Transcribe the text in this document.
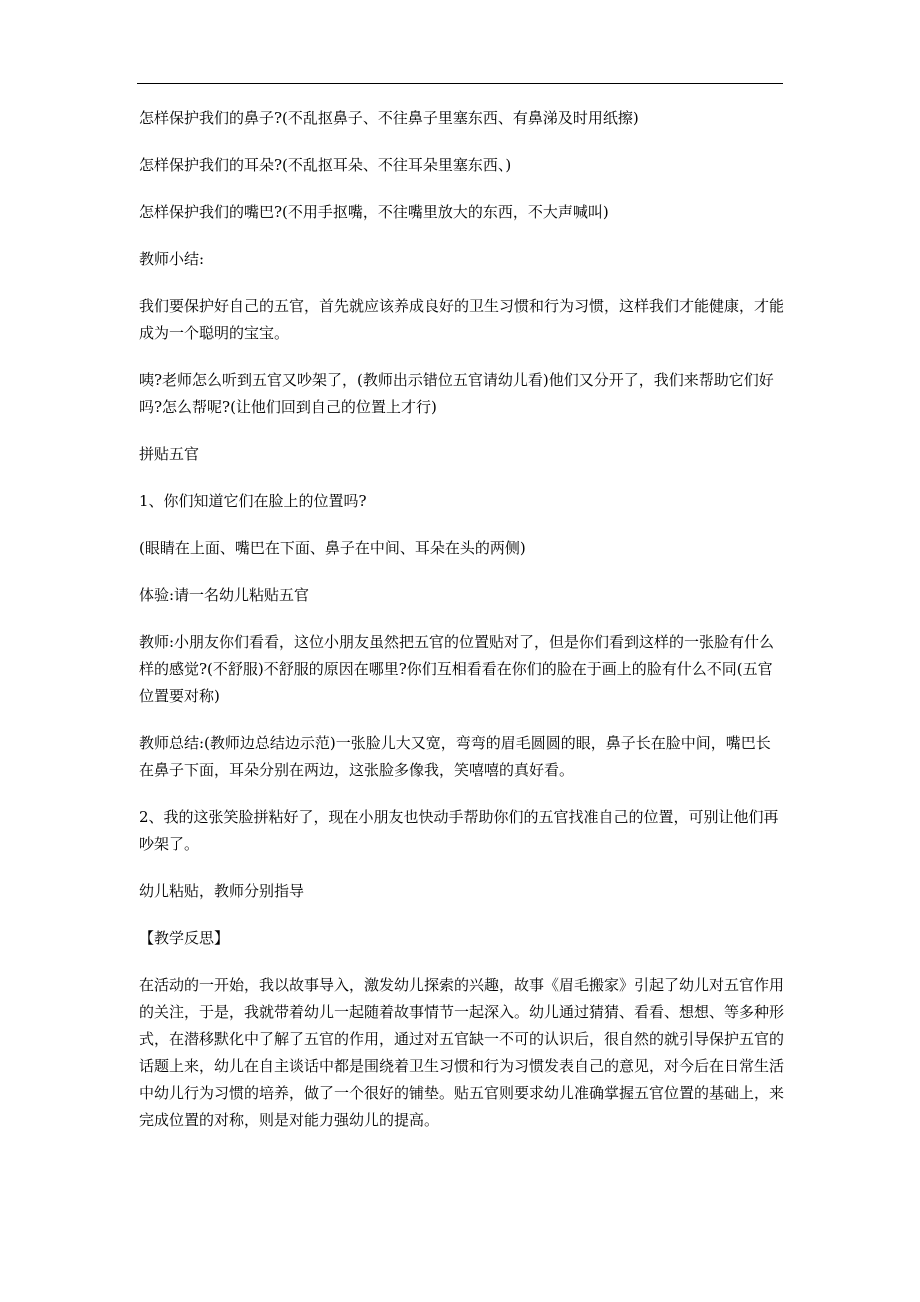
怎样保护我们的鼻子?(不乱抠鼻子、不往鼻子里塞东西、有鼻涕及时用纸擦)

怎样保护我们的耳朵?(不乱抠耳朵、不往耳朵里塞东西、)

怎样保护我们的嘴巴?(不用手抠嘴，不往嘴里放大的东西，不大声喊叫)

教师小结:

我们要保护好自己的五官，首先就应该养成良好的卫生习惯和行为习惯，这样我们才能健康，才能成为一个聪明的宝宝。

咦?老师怎么听到五官又吵架了，(教师出示错位五官请幼儿看)他们又分开了，我们来帮助它们好吗?怎么帮呢?(让他们回到自己的位置上才行)

拼贴五官

1、你们知道它们在脸上的位置吗?

(眼睛在上面、嘴巴在下面、鼻子在中间、耳朵在头的两侧)

体验:请一名幼儿粘贴五官

教师:小朋友你们看看，这位小朋友虽然把五官的位置贴对了，但是你们看到这样的一张脸有什么样的感觉?(不舒服)不舒服的原因在哪里?你们互相看看在你们的脸在于画上的脸有什么不同(五官位置要对称)

教师总结:(教师边总结边示范)一张脸儿大又宽，弯弯的眉毛圆圆的眼，鼻子长在脸中间，嘴巴长在鼻子下面，耳朵分别在两边，这张脸多像我，笑嘻嘻的真好看。

2、我的这张笑脸拼粘好了，现在小朋友也快动手帮助你们的五官找准自己的位置，可别让他们再吵架了。

幼儿粘贴，教师分别指导

【教学反思】

在活动的一开始，我以故事导入，激发幼儿探索的兴趣，故事《眉毛搬家》引起了幼儿对五官作用的关注，于是，我就带着幼儿一起随着故事情节一起深入。幼儿通过猜猜、看看、想想、等多种形式，在潜移默化中了解了五官的作用，通过对五官缺一不可的认识后，很自然的就引导保护五官的话题上来，幼儿在自主谈话中都是围绕着卫生习惯和行为习惯发表自己的意见，对今后在日常生活中幼儿行为习惯的培养，做了一个很好的铺垫。贴五官则要求幼儿准确掌握五官位置的基础上，来完成位置的对称，则是对能力强幼儿的提高。
